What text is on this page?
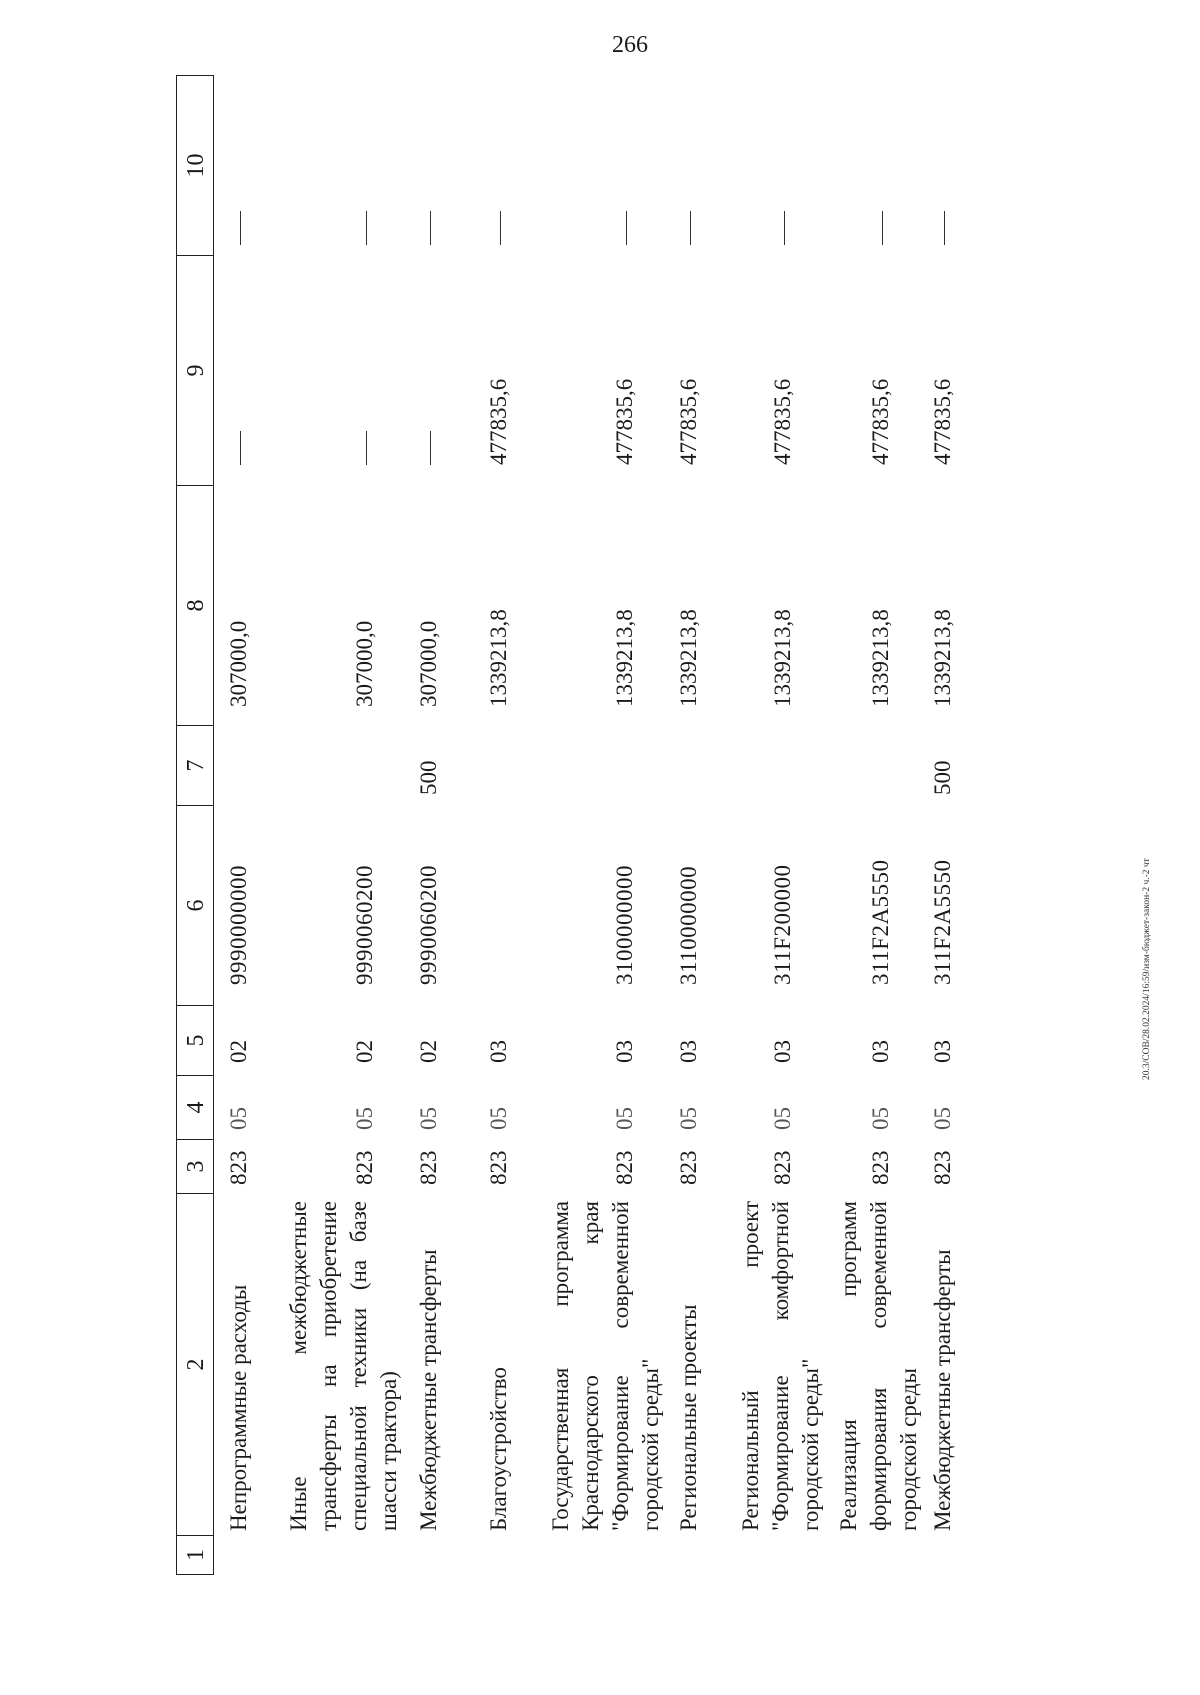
266
20.3/СОВ/28.02.2024/16:59/изм-бюджет-закон-2 ч.-2 чт
1
2
3
4
5
6
7
8
9
10
Непрограммные расходы
823
05
02
9990000000
307000,0
Иные межбюджетные трансферты на приобретение специальной техники (на базе шасси трактора)
823
05
02
9990060200
307000,0
Межбюджетные трансферты
823
05
02
9990060200
500
307000,0
Благоустройство
823
05
03
1339213,8
477835,6
Государственная программа Краснодарского края "Формирование современной городской среды"
823
05
03
3100000000
1339213,8
477835,6
Региональные проекты
823
05
03
3110000000
1339213,8
477835,6
Региональный проект "Формирование комфортной городской среды"
823
05
03
311F200000
1339213,8
477835,6
Реализация программ формирования современной городской среды
823
05
03
311F2A5550
1339213,8
477835,6
Межбюджетные трансферты
823
05
03
311F2A5550
500
1339213,8
477835,6
